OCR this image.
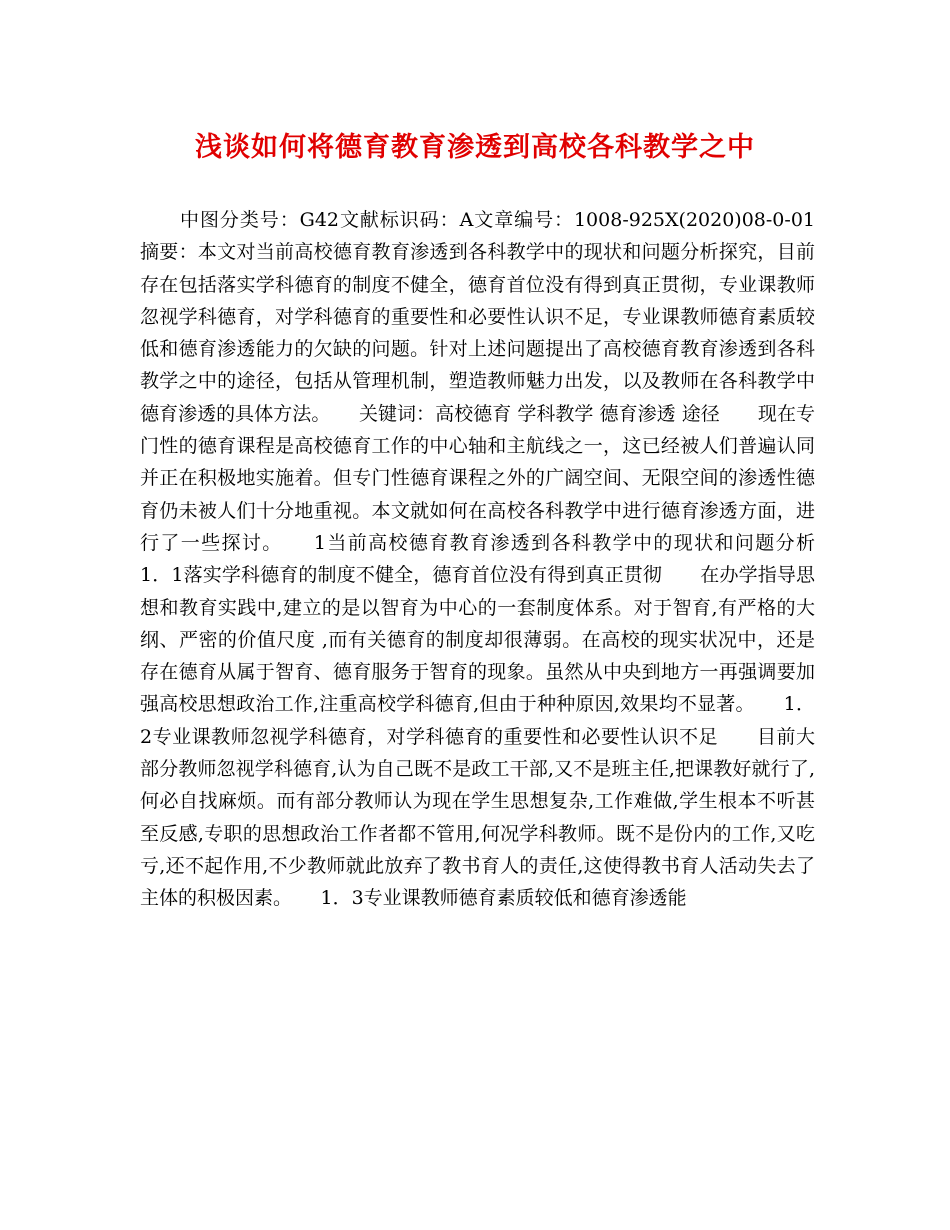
浅谈如何将德育教育渗透到高校各科教学之中

中图分类号：G42文献标识码：A文章编号：1008-925X(2020)08-0-01　　摘要：本文对当前高校德育教育渗透到各科教学中的现状和问题分析探究，目前存在包括落实学科德育的制度不健全，德育首位没有得到真正贯彻，专业课教师忽视学科德育，对学科德育的重要性和必要性认识不足，专业课教师德育素质较低和德育渗透能力的欠缺的问题。针对上述问题提出了高校德育教育渗透到各科教学之中的途径，包括从管理机制，塑造教师魅力出发，以及教师在各科教学中德育渗透的具体方法。　　关键词：高校德育 学科教学 德育渗透 途径　　现在专门性的德育课程是高校德育工作的中心轴和主航线之一，这已经被人们普遍认同并正在积极地实施着。但专门性德育课程之外的广阔空间、无限空间的渗透性德育仍未被人们十分地重视。本文就如何在高校各科教学中进行德育渗透方面，进行了一些探讨。　　1当前高校德育教育渗透到各科教学中的现状和问题分析　　1．1落实学科德育的制度不健全，德育首位没有得到真正贯彻　　在办学指导思想和教育实践中,建立的是以智育为中心的一套制度体系。对于智育,有严格的大纲、严密的价值尺度 ,而有关德育的制度却很薄弱。在高校的现实状况中，还是存在德育从属于智育、德育服务于智育的现象。虽然从中央到地方一再强调要加强高校思想政治工作,注重高校学科德育,但由于种种原因,效果均不显著。　　1．2专业课教师忽视学科德育，对学科德育的重要性和必要性认识不足　　目前大部分教师忽视学科德育,认为自己既不是政工干部,又不是班主任,把课教好就行了,何必自找麻烦。而有部分教师认为现在学生思想复杂,工作难做,学生根本不听甚至反感,专职的思想政治工作者都不管用,何况学科教师。既不是份内的工作,又吃亏,还不起作用,不少教师就此放弃了教书育人的责任,这使得教书育人活动失去了主体的积极因素。　　1．3专业课教师德育素质较低和德育渗透能
